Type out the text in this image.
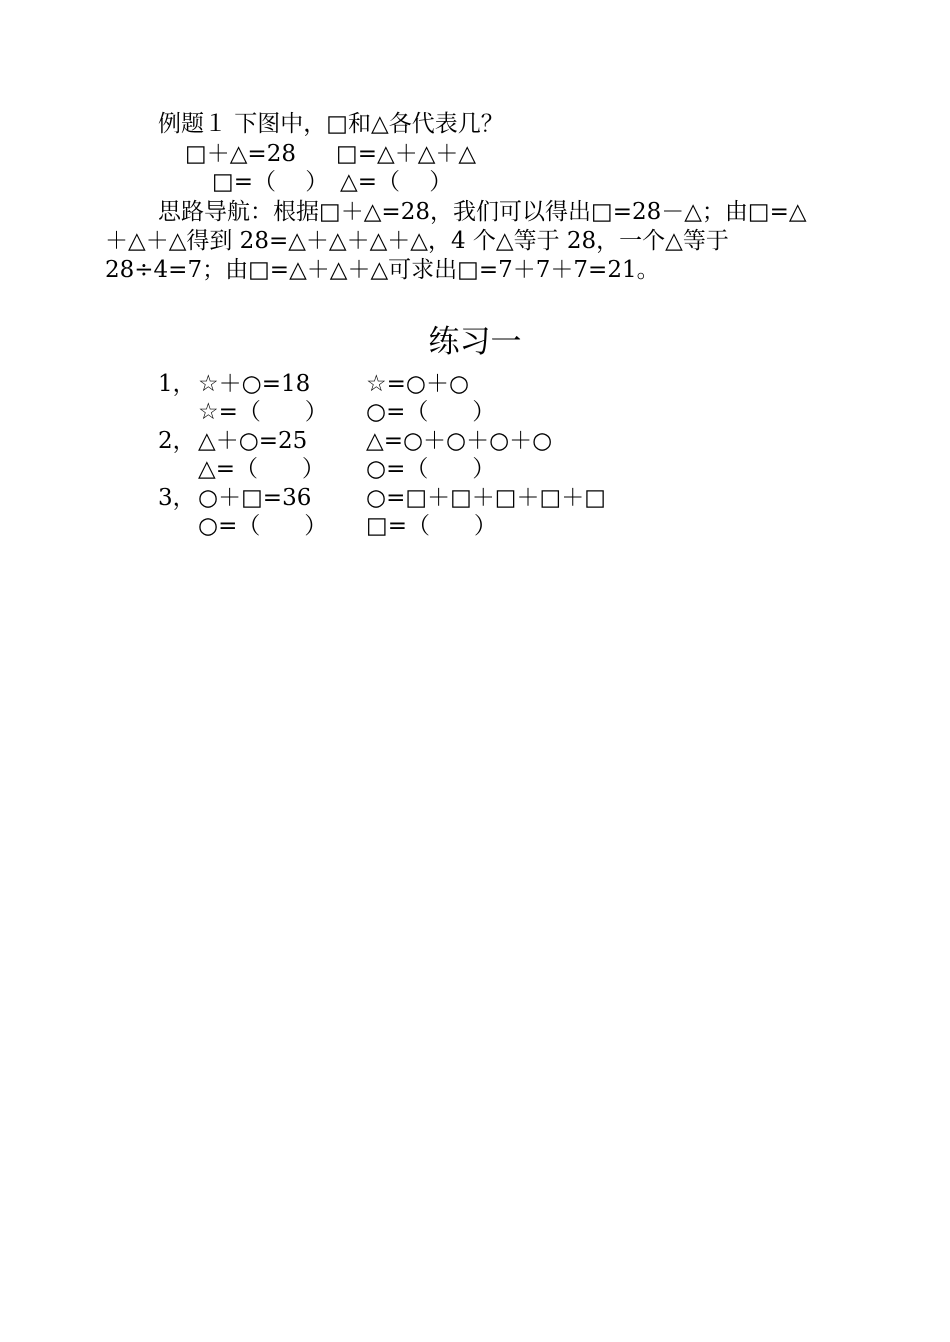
例题１ 下图中，□和△各代表几？
□＋△=28 □=△＋△＋△
□=（    ） △=（    ）
思路导航：根据□＋△=28，我们可以得出□=28－△；由□=△
＋△＋△得到 28=△＋△＋△＋△，4 个△等于 28，一个△等于
28÷4=7；由□=△＋△＋△可求出□=7＋7＋7=21。
练习一
1， ☆＋○=18 ☆=○＋○
☆=（      ） ○=（      ）
2， △＋○=25	△=○＋○＋○＋○
△=（      ） ○=（      ）
3， ○＋□=36 ○=□＋□＋□＋□＋□
○=（      ） □=（      ）
